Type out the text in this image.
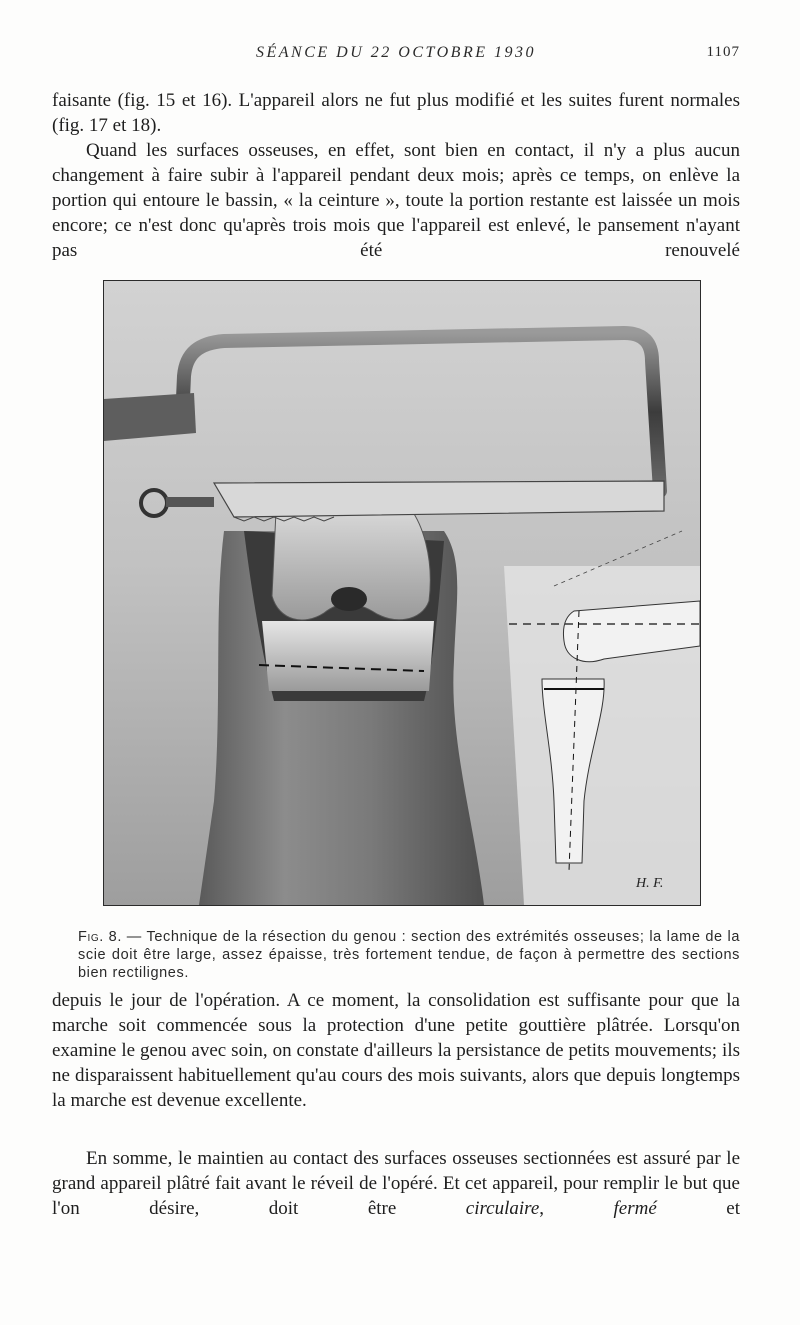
SÉANCE DU 22 OCTOBRE 1930	1107

faisante (fig. 15 et 16). L'appareil alors ne fut plus modifié et les suites furent normales (fig. 17 et 18).

Quand les surfaces osseuses, en effet, sont bien en contact, il n'y a plus aucun changement à faire subir à l'appareil pendant deux mois; après ce temps, on enlève la portion qui entoure le bassin, « la ceinture », toute la portion restante est laissée un mois encore; ce n'est donc qu'après trois mois que l'appareil est enlevé, le pansement n'ayant pas été renouvelé

H. F.
Fig. 8. — Technique de la résection du genou : section des extrémités osseuses; la lame de la scie doit être large, assez épaisse, très fortement tendue, de façon à permettre des sections bien rectilignes.

depuis le jour de l'opération. A ce moment, la consolidation est suffisante pour que la marche soit commencée sous la protection d'une petite gouttière plâtrée. Lorsqu'on examine le genou avec soin, on constate d'ailleurs la persistance de petits mouvements; ils ne disparaissent habituellement qu'au cours des mois suivants, alors que depuis longtemps la marche est devenue excellente.

En somme, le maintien au contact des surfaces osseuses sectionnées est assuré par le grand appareil plâtré fait avant le réveil de l'opéré. Et cet appareil, pour remplir le but que l'on désire, doit être circulaire, fermé et
